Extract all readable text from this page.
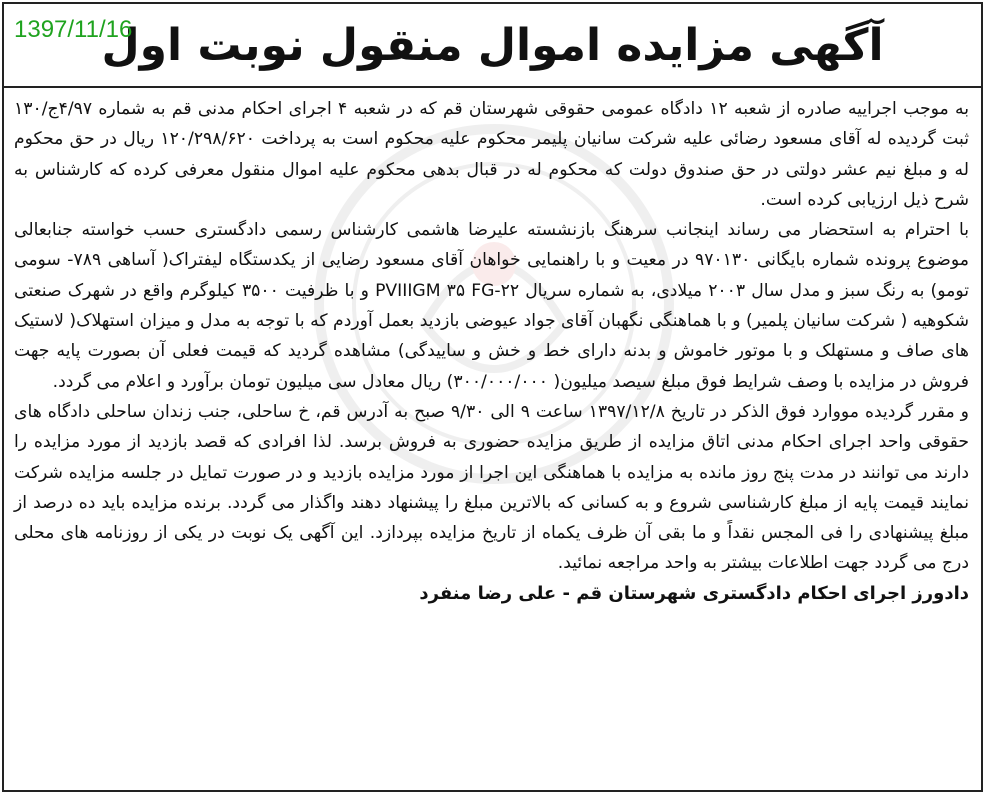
1397/11/16
آگهی مزایده اموال منقول نوبت اول

به موجب اجراییه صادره از شعبه ۱۲ دادگاه عمومی حقوقی شهرستان قم که در شعبه ۴ اجرای احکام مدنی قم به شماره ۴/۹۷ج/۱۳۰ ثبت گردیده له آقای مسعود رضائی علیه شرکت سانیان پلیمر محکوم علیه محکوم است به پرداخت ۱۲۰/۲۹۸/۶۲۰ ریال در حق محکوم له و مبلغ نیم عشر دولتی در حق صندوق دولت که محکوم له در قبال بدهی محکوم علیه اموال منقول معرفی کرده که کارشناس به شرح ذیل ارزیابی کرده است.

با احترام به استحضار می رساند اینجانب سرهنگ بازنشسته علیرضا هاشمی کارشناس رسمی دادگستری حسب خواسته جنابعالی موضوع پرونده شماره بایگانی ۹۷۰۱۳۰ در معیت و با راهنمایی خواهان آقای مسعود رضایی از یکدستگاه لیفتراک( آسا‌هی ۷۸۹- سومی تومو) به رنگ سبز و مدل سال ۲۰۰۳ میلادی، به شماره سریال PVIIIGM ۳۵ FG-۲۲ و با ظرفیت ۳۵۰۰ کیلوگرم واقع در شهرک صنعتی شکوهیه ( شرکت سانیان پلمیر) و با هماهنگی نگهبان آقای جواد عیوضی بازدید بعمل آوردم که با توجه به مدل و میزان استهلاک( لاستیک های صاف و مستهلک و با موتور خاموش و بدنه دارای خط و خش و ساییدگی) مشاهده گردید که قیمت فعلی آن بصورت پایه جهت فروش در مزایده با وصف شرایط فوق مبلغ سیصد میلیون( ۳۰۰/۰۰۰/۰۰۰) ریال معادل سی میلیون تومان برآورد و اعلام می گردد.

و مقرر گردیده مووارد فوق الذکر در تاریخ ۱۳۹۷/۱۲/۸ ساعت ۹ الی ۹/۳۰ صبح به آدرس قم، خ ساحلی، جنب زندان ساحلی دادگاه های حقوقی واحد اجرای احکام مدنی اتاق مزایده از طریق مزایده حضوری به فروش برسد. لذا افرادی که قصد بازدید از مورد مزایده را دارند می توانند در مدت پنج روز مانده به مزایده با هماهنگی این اجرا از مورد مزایده بازدید و در صورت تمایل در جلسه مزایده شرکت نمایند قیمت پایه از مبلغ کارشناسی شروع و به کسانی که بالاترین مبلغ را پیشنهاد دهند واگذار می گردد. برنده مزایده باید ده درصد از مبلغ پیشنهادی را فی المجس نقداً و ما بقی آن ظرف یکماه از تاریخ مزایده بپردازد. این آگهی یک نوبت در یکی از روزنامه های محلی درج می گردد جهت اطلاعات بیشتر به واحد مراجعه نمائید.

دادورز اجرای احکام دادگستری شهرستان قم - علی رضا منفرد
